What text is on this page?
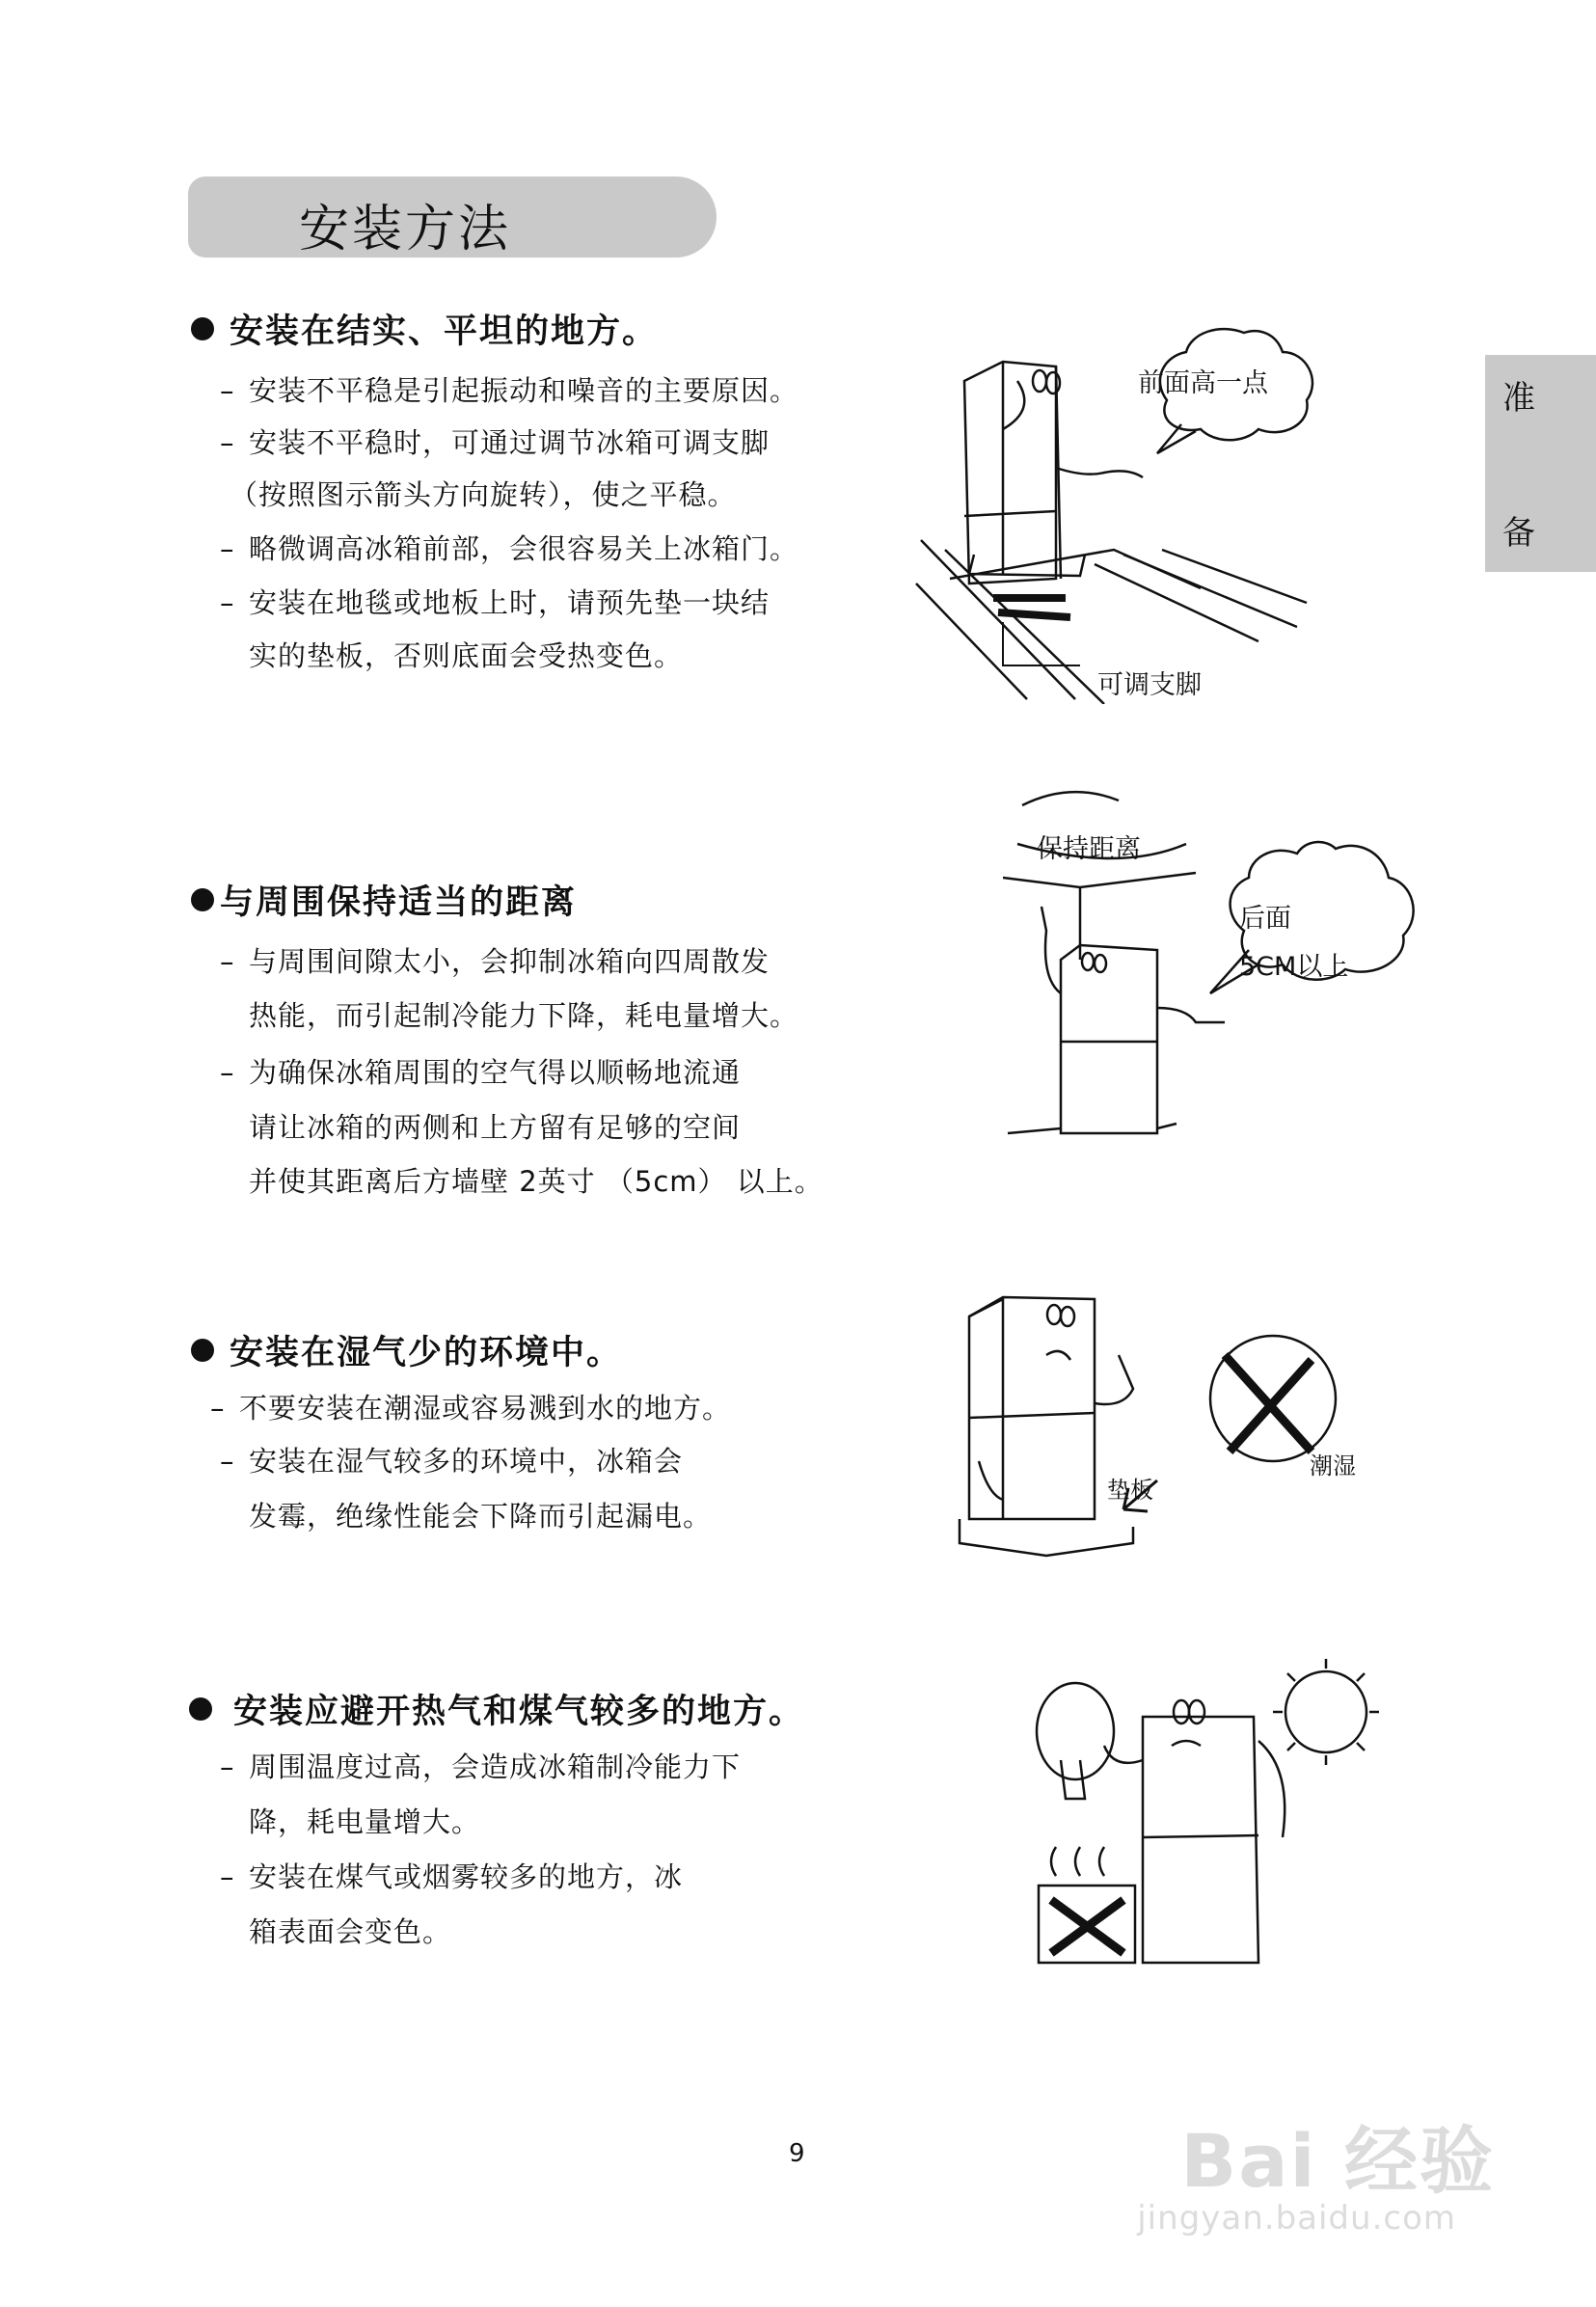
安装方法
准
备
安装在结实、平坦的地方。
– 安装不平稳是引起振动和噪音的主要原因。
– 安装不平稳时，可通过调节冰箱可调支脚
（按照图示箭头方向旋转），使之平稳。
– 略微调高冰箱前部，会很容易关上冰箱门。
– 安装在地毯或地板上时，请预先垫一块结
实的垫板，否则底面会受热变色。
前面高一点
可调支脚
与周围保持适当的距离
– 与周围间隙太小，会抑制冰箱向四周散发
热能，而引起制冷能力下降，耗电量增大。
– 为确保冰箱周围的空气得以顺畅地流通
请让冰箱的两侧和上方留有足够的空间
并使其距离后方墙壁 2英寸 （5cm） 以上。
保持距离
后面
5CM以上
安装在湿气少的环境中。
– 不要安装在潮湿或容易溅到水的地方。
– 安装在湿气较多的环境中，冰箱会
发霉，绝缘性能会下降而引起漏电。
垫板
潮湿
安装应避开热气和煤气较多的地方。
– 周围温度过高，会造成冰箱制冷能力下
降，耗电量增大。
– 安装在煤气或烟雾较多的地方，冰
箱表面会变色。
9	Bai 经验
jingyan.baidu.com
